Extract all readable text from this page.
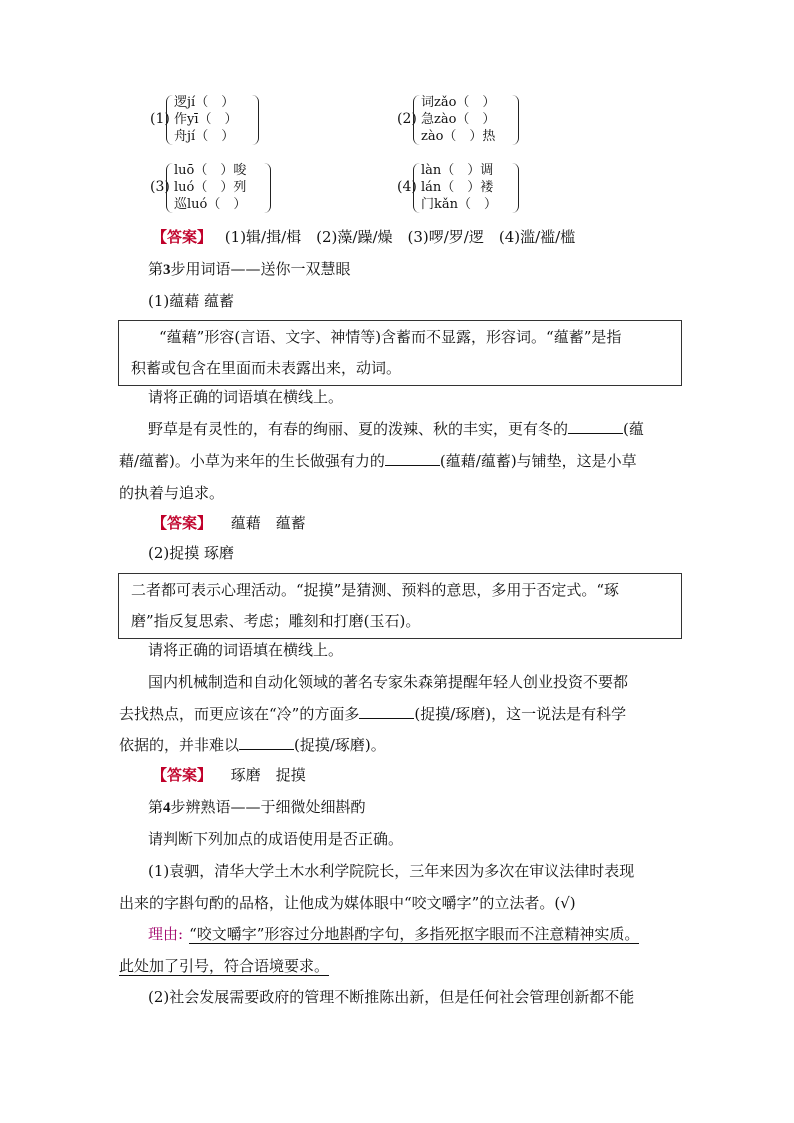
(1)
逻jí（　）
作yī（　）
舟jí（　）
(2)
词zǎo（　）
急zào（　）
zào（　）热
(3)
luō（　）唆
luó（　）列
巡luó（　）
(4)
làn（　）调
lán（　）褛
门kǎn（　）
【答案】 (1)辑/揖/楫　(2)藻/躁/燥　(3)啰/罗/逻　(4)滥/褴/槛
第3步用词语——送你一双慧眼
(1)蕴藉 蕴蓄
“蕴藉”形容(言语、文字、神情等)含蓄而不显露，形容词。“蕴蓄”是指
积蓄或包含在里面而未表露出来，动词。
请将正确的词语填在横线上。
野草是有灵性的，有春的绚丽、夏的泼辣、秋的丰实，更有冬的	(蕴
藉/蕴蓄)。小草为来年的生长做强有力的	(蕴藉/蕴蓄)与铺垫，这是小草
的执着与追求。
【答案】 蕴藉　蕴蓄
(2)捉摸 琢磨
二者都可表示心理活动。“捉摸”是猜测、预料的意思，多用于否定式。“琢
磨”指反复思索、考虑；雕刻和打磨(玉石)。
请将正确的词语填在横线上。
国内机械制造和自动化领域的著名专家朱森第提醒年轻人创业投资不要都
去找热点，而更应该在“冷”的方面多	(捉摸/琢磨)，这一说法是有科学
依据的，并非难以	(捉摸/琢磨)。
【答案】 琢磨　捉摸
第4步辨熟语——于细微处细斟酌
请判断下列加点的成语使用是否正确。
(1)袁驷，清华大学土木水利学院院长，三年来因为多次在审议法律时表现
出来的字斟句酌的品格，让他成为媒体眼中“咬文嚼字”的立法者。(√)
理由: “咬文嚼字”形容过分地斟酌字句，多指死抠字眼而不注意精神实质。
此处加了引号，符合语境要求。
(2)社会发展需要政府的管理不断推陈出新，但是任何社会管理创新都不能
